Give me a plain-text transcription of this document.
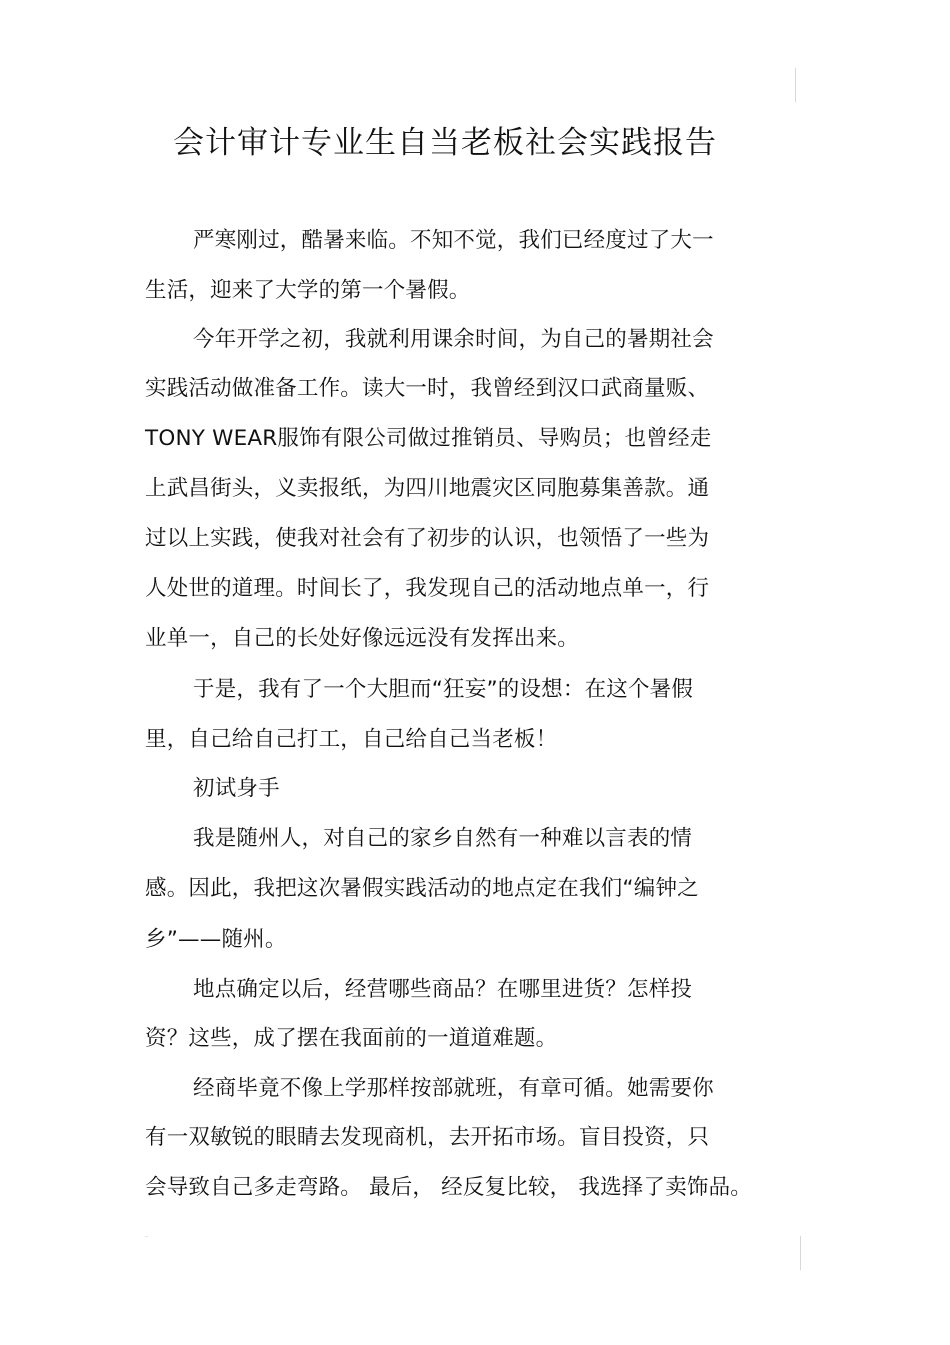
会计审计专业生自当老板社会实践报告
严寒刚过，酷暑来临。不知不觉，我们已经度过了大一
生活，迎来了大学的第一个暑假。
今年开学之初，我就利用课余时间，为自己的暑期社会
实践活动做准备工作。读大一时，我曾经到汉口武商量贩、
TONY WEAR服饰有限公司做过推销员、导购员；也曾经走
上武昌街头，义卖报纸，为四川地震灾区同胞募集善款。通
过以上实践，使我对社会有了初步的认识，也领悟了一些为
人处世的道理。时间长了，我发现自己的活动地点单一，行
业单一，自己的长处好像远远没有发挥出来。
于是，我有了一个大胆而“狂妄”的设想：在这个暑假
里，自己给自己打工，自己给自己当老板！
初试身手
我是随州人，对自己的家乡自然有一种难以言表的情
感。因此，我把这次暑假实践活动的地点定在我们“编钟之
乡”——随州。
地点确定以后，经营哪些商品？在哪里进货？怎样投
资？这些，成了摆在我面前的一道道难题。
经商毕竟不像上学那样按部就班，有章可循。她需要你
有一双敏锐的眼睛去发现商机，去开拓市场。盲目投资，只
会导致自己多走弯路。 最后， 经反复比较， 我选择了卖饰品。
